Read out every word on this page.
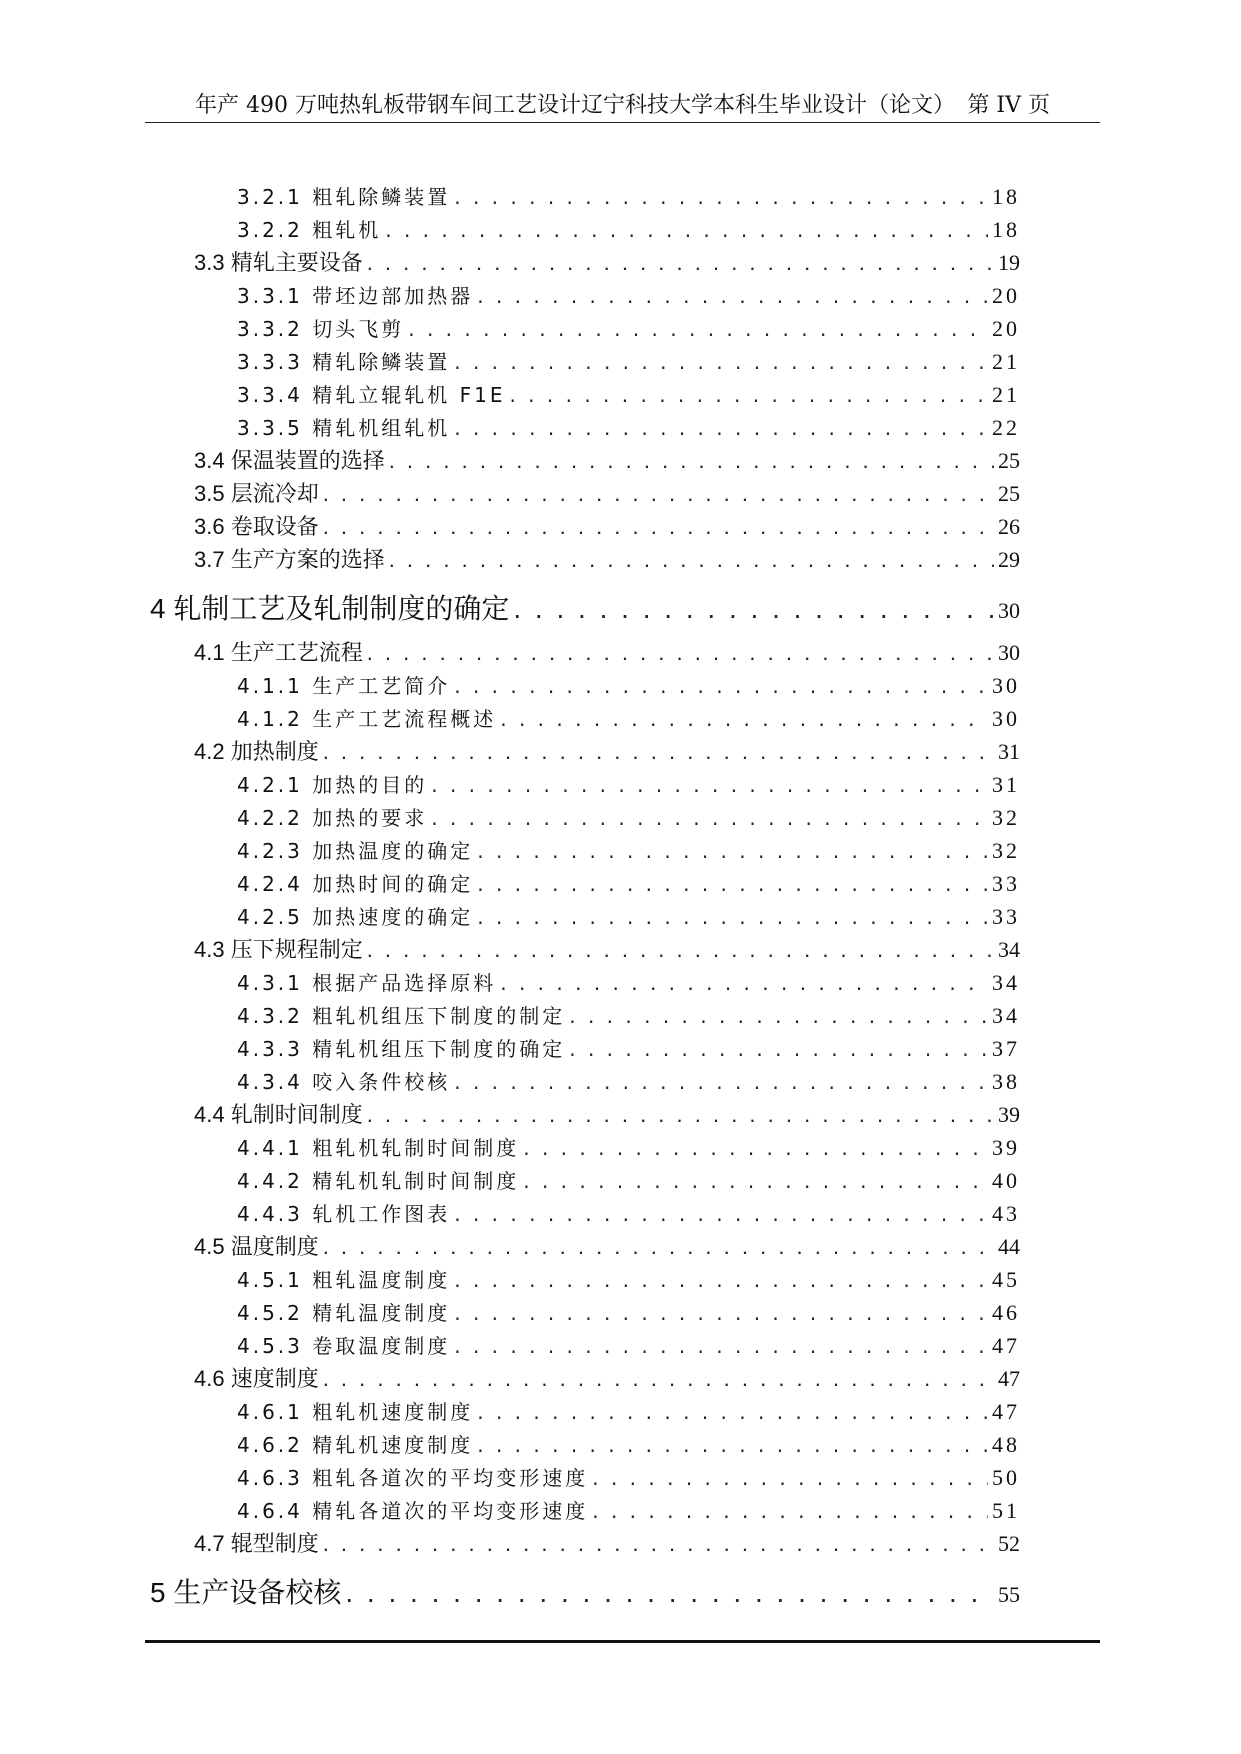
年产 490 万吨热轧板带钢车间工艺设计辽宁科技大学本科生毕业设计（论文） 第 IV 页
3.2.1 粗轧除鳞装置 . . .	18
3.2.2 粗轧机 . . .	18
3.3 精轧主要设备 . . .	19
3.3.1 带坯边部加热器 . . .	20
3.3.2 切头飞剪 . . .	20
3.3.3 精轧除鳞装置 . . .	21
3.3.4 精轧立辊轧机 F1E . . .	21
3.3.5 精轧机组轧机 . . .	22
3.4 保温装置的选择 . . .	25
3.5 层流冷却 . . .	25
3.6 卷取设备 . . .	26
3.7 生产方案的选择 . . .	29
4 轧制工艺及轧制制度的确定 . . .	30
4.1 生产工艺流程 . . .	30
4.1.1 生产工艺简介 . . .	30
4.1.2 生产工艺流程概述 . . .	30
4.2 加热制度 . . .	31
4.2.1 加热的目的 . . .	31
4.2.2 加热的要求 . . .	32
4.2.3 加热温度的确定 . . .	32
4.2.4 加热时间的确定 . . .	33
4.2.5 加热速度的确定 . . .	33
4.3 压下规程制定 . . .	34
4.3.1 根据产品选择原料 . . .	34
4.3.2 粗轧机组压下制度的制定 . . .	34
4.3.3 精轧机组压下制度的确定 . . .	37
4.3.4 咬入条件校核 . . .	38
4.4 轧制时间制度 . . .	39
4.4.1 粗轧机轧制时间制度 . . .	39
4.4.2 精轧机轧制时间制度 . . .	40
4.4.3 轧机工作图表 . . .	43
4.5 温度制度 . . .	44
4.5.1 粗轧温度制度 . . .	45
4.5.2 精轧温度制度 . . .	46
4.5.3 卷取温度制度 . . .	47
4.6 速度制度 . . .	47
4.6.1 粗轧机速度制度 . . .	47
4.6.2 精轧机速度制度 . . .	48
4.6.3 粗轧各道次的平均变形速度 . . .	50
4.6.4 精轧各道次的平均变形速度 . . .	51
4.7 辊型制度 . . .	52
5 生产设备校核 . . .	55
